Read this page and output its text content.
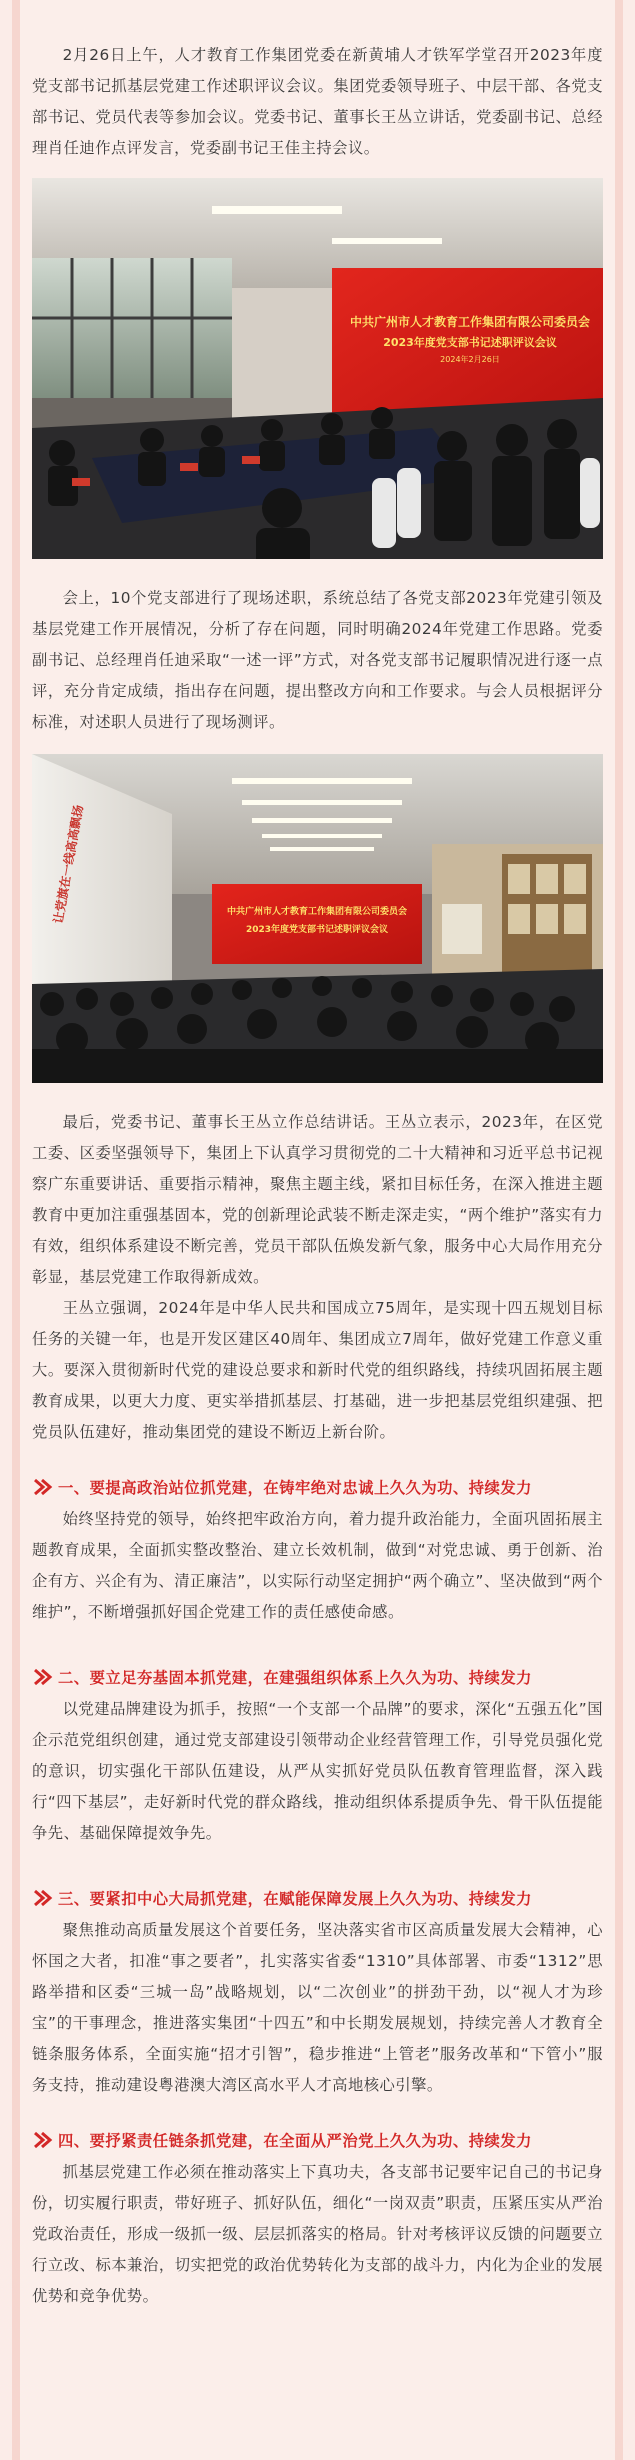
2月26日上午，人才教育工作集团党委在新黄埔人才铁军学堂召开2023年度党支部书记抓基层党建工作述职评议会议。集团党委领导班子、中层干部、各党支部书记、党员代表等参加会议。党委书记、董事长王丛立讲话，党委副书记、总经理肖任迪作点评发言，党委副书记王佳主持会议。

中共广州市人才教育工作集团有限公司委员会
2023年度党支部书记述职评议会议
2024年2月26日

会上，10个党支部进行了现场述职，系统总结了各党支部2023年党建引领及基层党建工作开展情况，分析了存在问题，同时明确2024年党建工作思路。党委副书记、总经理肖任迪采取“一述一评”方式，对各党支部书记履职情况进行逐一点评，充分肯定成绩，指出存在问题，提出整改方向和工作要求。与会人员根据评分标准，对述职人员进行了现场测评。

让党旗在一线高高飘扬	中共广州市人才教育工作集团有限公司委员会
2023年度党支部书记述职评议会议

最后，党委书记、董事长王丛立作总结讲话。王丛立表示，2023年，在区党工委、区委坚强领导下，集团上下认真学习贯彻党的二十大精神和习近平总书记视察广东重要讲话、重要指示精神，聚焦主题主线，紧扣目标任务，在深入推进主题教育中更加注重强基固本，党的创新理论武装不断走深走实，“两个维护”落实有力有效，组织体系建设不断完善，党员干部队伍焕发新气象，服务中心大局作用充分彰显，基层党建工作取得新成效。

王丛立强调，2024年是中华人民共和国成立75周年，是实现十四五规划目标任务的关键一年，也是开发区建区40周年、集团成立7周年，做好党建工作意义重大。要深入贯彻新时代党的建设总要求和新时代党的组织路线，持续巩固拓展主题教育成果，以更大力度、更实举措抓基层、打基础，进一步把基层党组织建强、把党员队伍建好，推动集团党的建设不断迈上新台阶。

一、要提高政治站位抓党建，在铸牢绝对忠诚上久久为功、持续发力

始终坚持党的领导，始终把牢政治方向，着力提升政治能力，全面巩固拓展主题教育成果，全面抓实整改整治、建立长效机制，做到“对党忠诚、勇于创新、治企有方、兴企有为、清正廉洁”，以实际行动坚定拥护“两个确立”、坚决做到“两个维护”，不断增强抓好国企党建工作的责任感使命感。

二、要立足夯基固本抓党建，在建强组织体系上久久为功、持续发力

以党建品牌建设为抓手，按照“一个支部一个品牌”的要求，深化“五强五化”国企示范党组织创建，通过党支部建设引领带动企业经营管理工作，引导党员强化党的意识，切实强化干部队伍建设，从严从实抓好党员队伍教育管理监督，深入践行“四下基层”，走好新时代党的群众路线，推动组织体系提质争先、骨干队伍提能争先、基础保障提效争先。

三、要紧扣中心大局抓党建，在赋能保障发展上久久为功、持续发力

聚焦推动高质量发展这个首要任务，坚决落实省市区高质量发展大会精神，心怀国之大者，扣准“事之要者”，扎实落实省委“1310”具体部署、市委“1312”思路举措和区委“三城一岛”战略规划，以“二次创业”的拼劲干劲，以“视人才为珍宝”的干事理念，推进落实集团“十四五”和中长期发展规划，持续完善人才教育全链条服务体系，全面实施“招才引智”，稳步推进“上管老”服务改革和“下管小”服务支持，推动建设粤港澳大湾区高水平人才高地核心引擎。

四、要抒紧责任链条抓党建，在全面从严治党上久久为功、持续发力

抓基层党建工作必须在推动落实上下真功夫，各支部书记要牢记自己的书记身份，切实履行职责，带好班子、抓好队伍，细化“一岗双责”职责，压紧压实从严治党政治责任，形成一级抓一级、层层抓落实的格局。针对考核评议反馈的问题要立行立改、标本兼治，切实把党的政治优势转化为支部的战斗力，内化为企业的发展优势和竞争优势。
